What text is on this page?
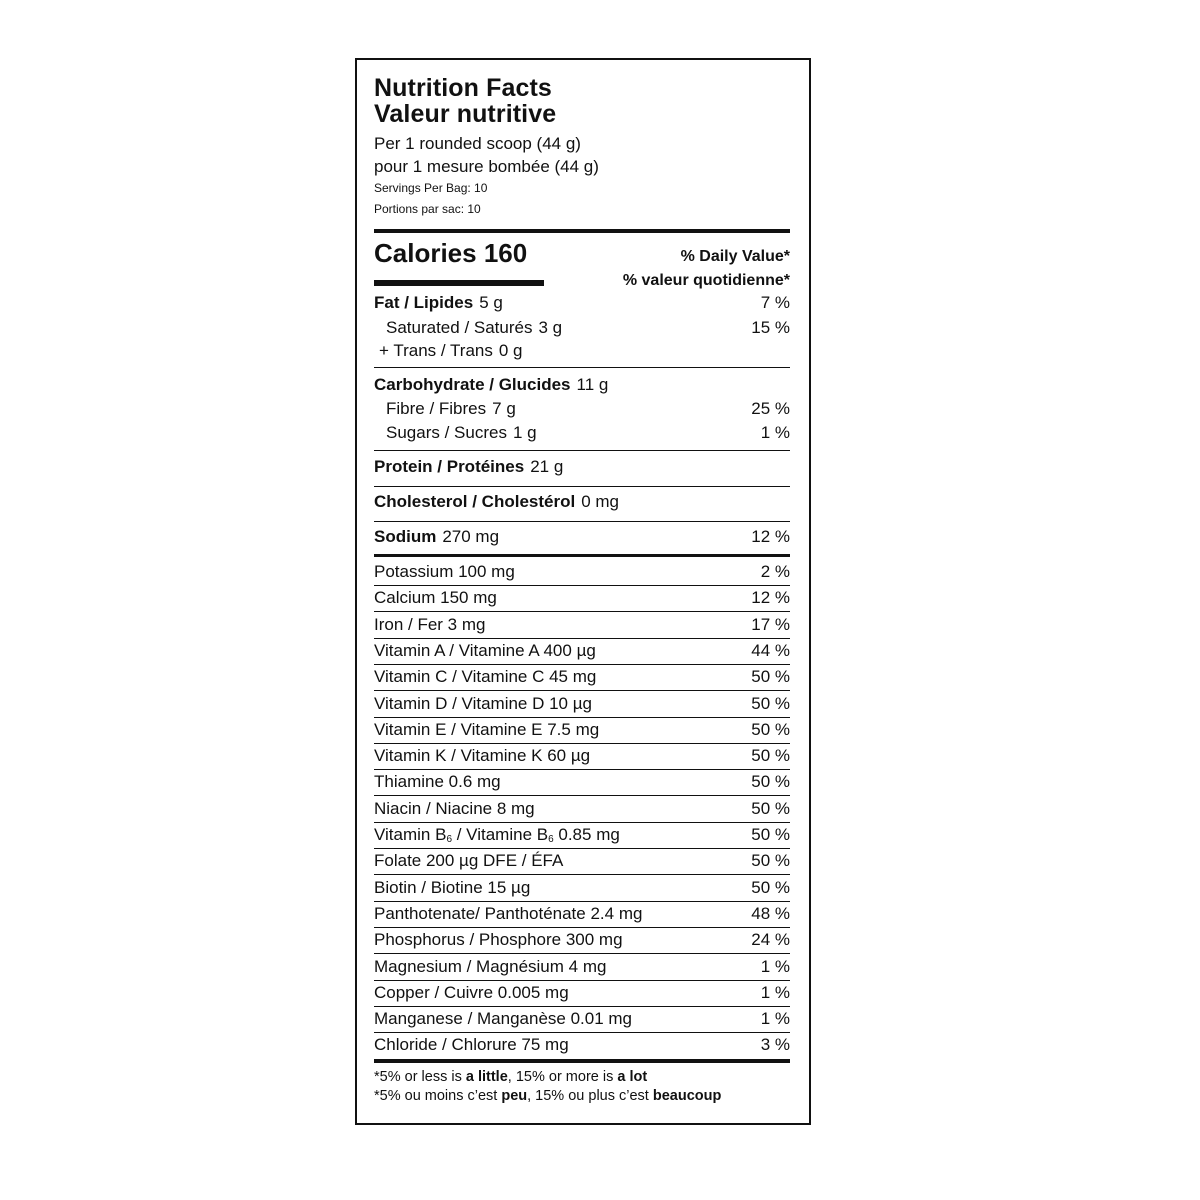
Nutrition Facts
Valeur nutritive
Per 1 rounded scoop (44 g)
pour 1 mesure bombée (44 g)
Servings Per Bag: 10
Portions par sac: 10
Calories 160	% Daily Value*
% valeur quotidienne*
Fat / Lipides 5 g	7 %
Saturated / Saturés 3 g	15 %
+ Trans / Trans 0 g
Carbohydrate / Glucides 11 g
Fibre / Fibres 7 g	25 %
Sugars / Sucres 1 g	1 %
Protein / Protéines 21 g
Cholesterol / Cholestérol 0 mg
Sodium 270 mg	12 %
Potassium 100 mg	2 %
Calcium 150 mg	12 %
Iron / Fer 3 mg	17 %
Vitamin A / Vitamine A 400 µg	44 %
Vitamin C / Vitamine C 45 mg	50 %
Vitamin D / Vitamine D 10 µg	50 %
Vitamin E / Vitamine E 7.5 mg	50 %
Vitamin K / Vitamine K 60 µg	50 %
Thiamine 0.6 mg	50 %
Niacin / Niacine 8 mg	50 %
Vitamin $B_6$ / Vitamine $B_6$ 0.85 mg	50 %
Folate 200 µg DFE / ÉFA	50 %
Biotin / Biotine 15 µg	50 %
Panthotenate/ Panthoténate 2.4 mg	48 %
Phosphorus / Phosphore 300 mg	24 %
Magnesium / Magnésium 4 mg	1 %
Copper / Cuivre 0.005 mg	1 %
Manganese / Manganèse 0.01 mg	1 %
Chloride / Chlorure 75 mg	3 %
*5% or less is a little, 15% or more is a lot
*5% ou moins c’est peu, 15% ou plus c’est beaucoup
